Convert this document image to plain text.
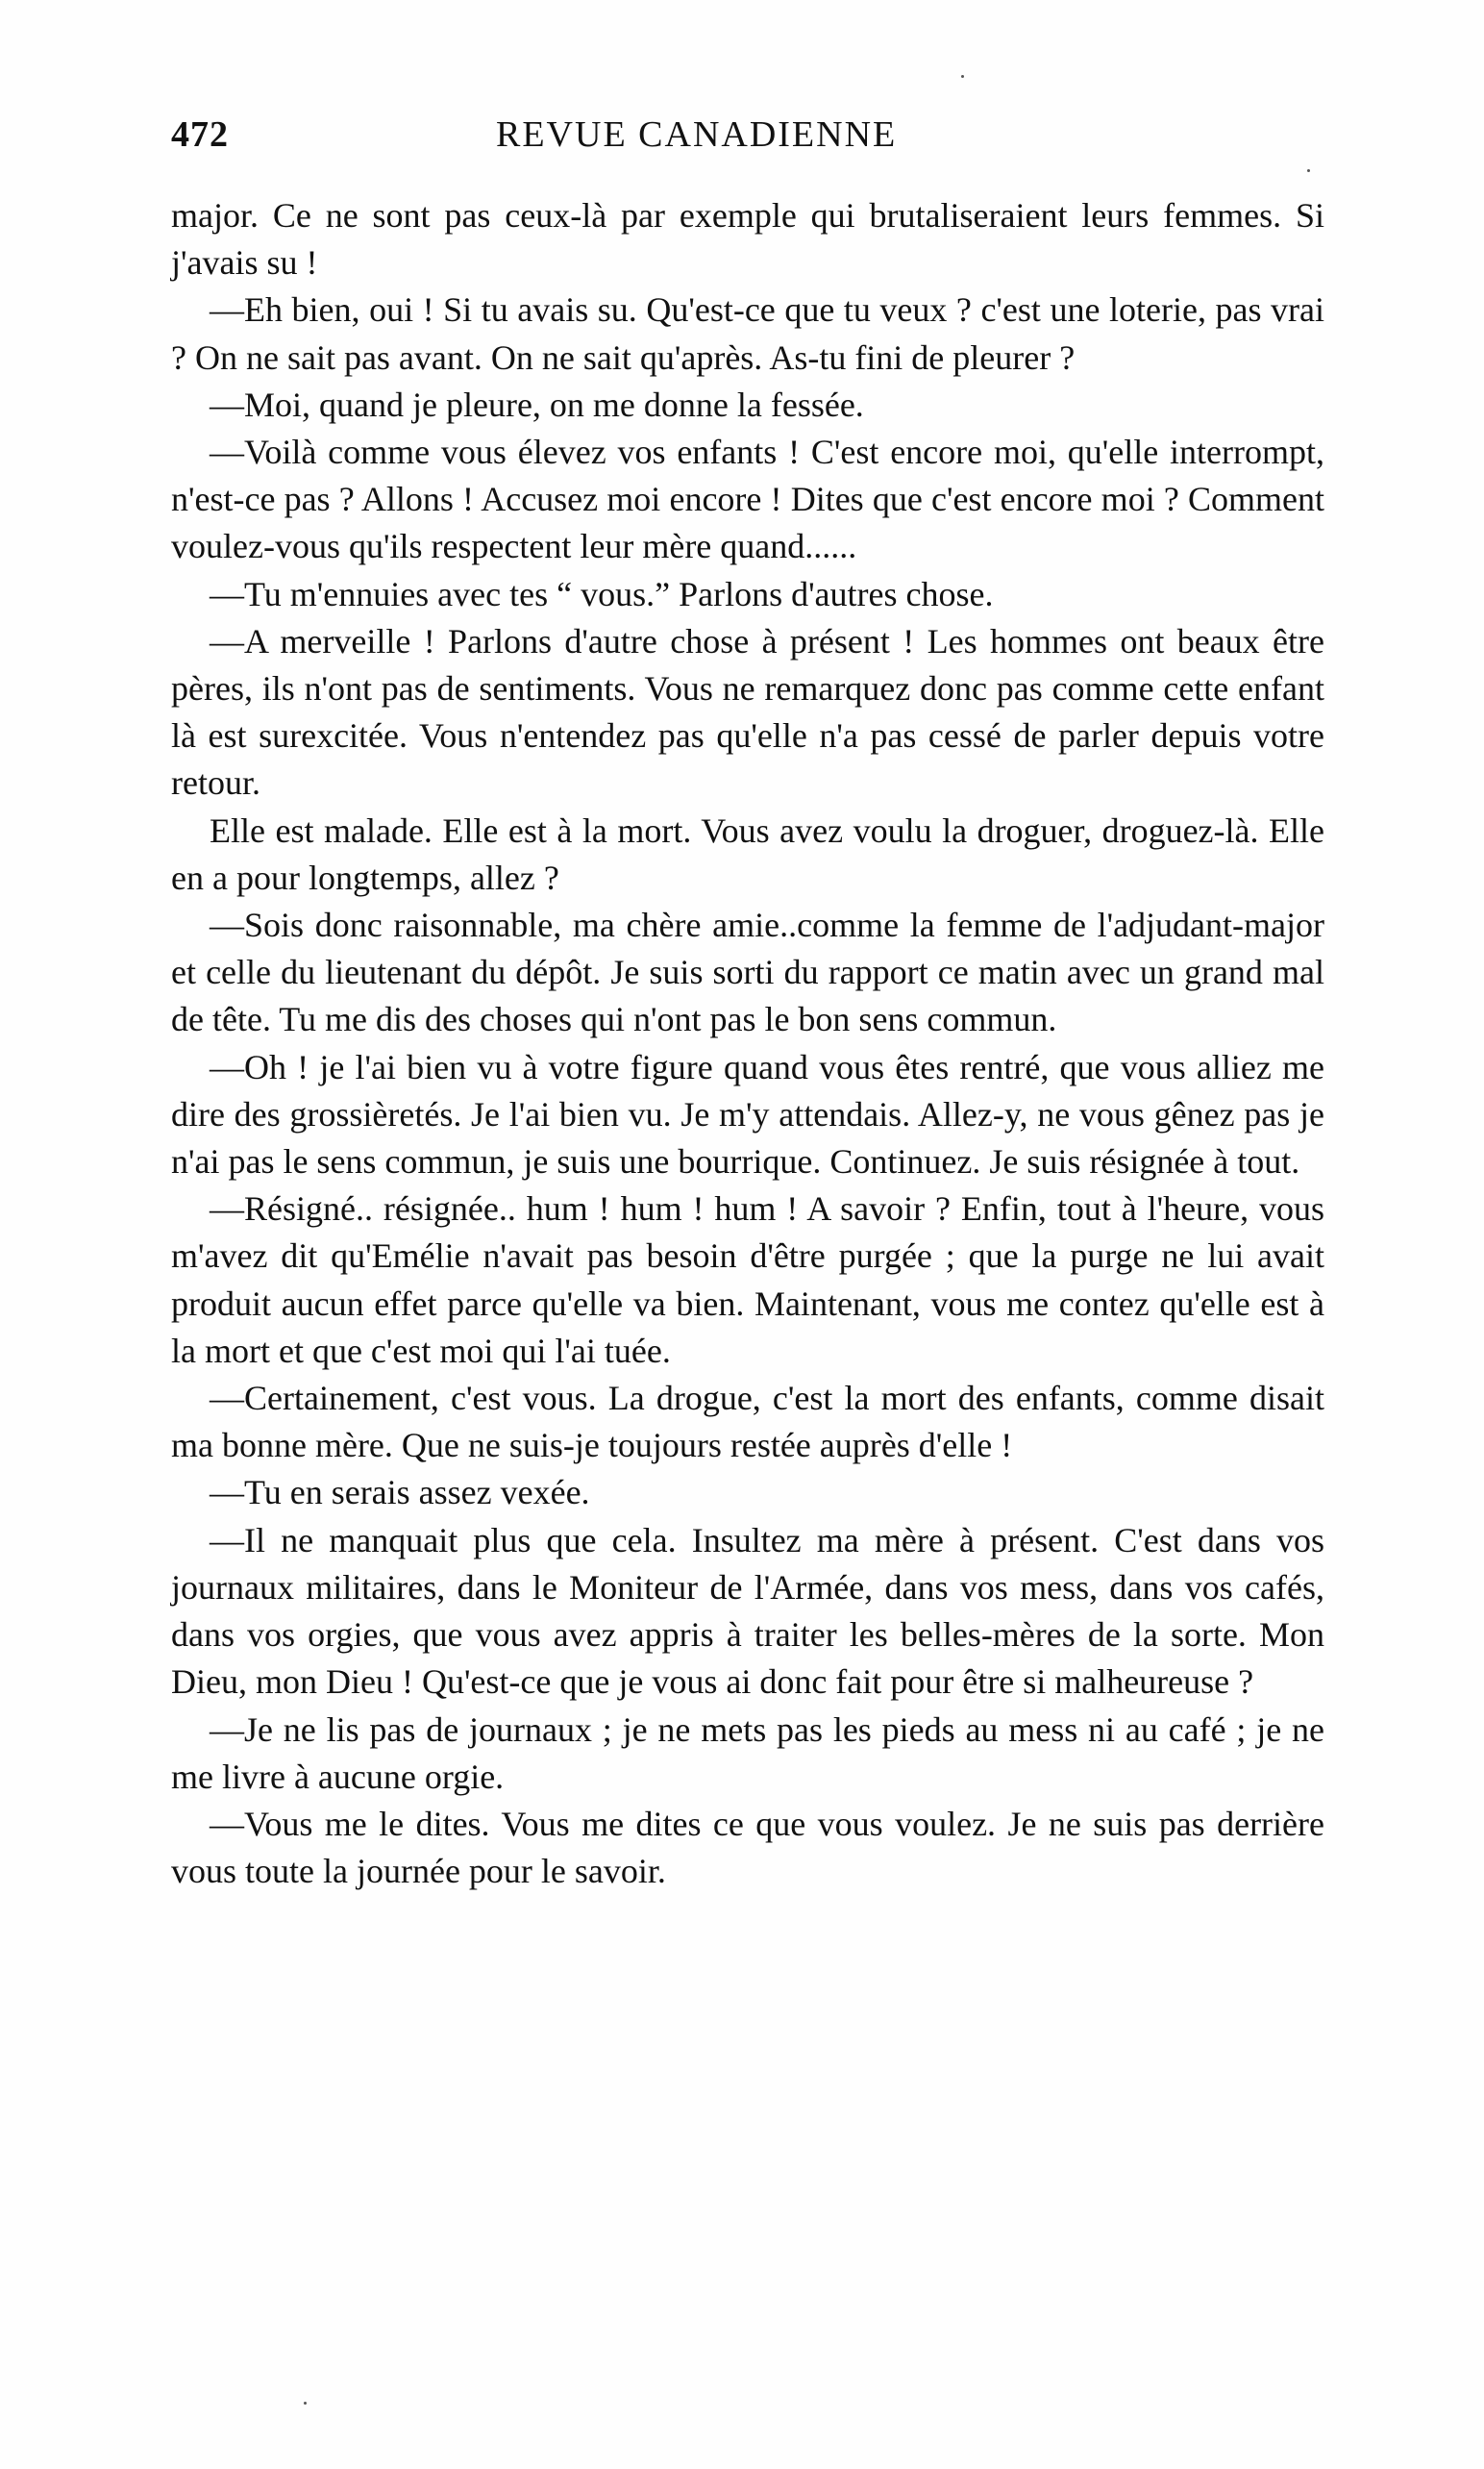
472	REVUE CANADIENNE

major. Ce ne sont pas ceux-là par exemple qui brutaliseraient leurs femmes. Si j'avais su !

—Eh bien, oui ! Si tu avais su. Qu'est-ce que tu veux ? c'est une loterie, pas vrai ? On ne sait pas avant. On ne sait qu'après. As-tu fini de pleurer ?

—Moi, quand je pleure, on me donne la fessée.

—Voilà comme vous élevez vos enfants ! C'est encore moi, qu'elle interrompt, n'est-ce pas ? Allons ! Accusez moi encore ! Dites que c'est encore moi ? Comment voulez-vous qu'ils respectent leur mère quand......

—Tu m'ennuies avec tes “ vous.” Parlons d'autres chose.

—A merveille ! Parlons d'autre chose à présent ! Les hommes ont beaux être pères, ils n'ont pas de sentiments. Vous ne remarquez donc pas comme cette enfant là est surexcitée. Vous n'entendez pas qu'elle n'a pas cessé de parler depuis votre retour.

Elle est malade. Elle est à la mort. Vous avez voulu la droguer, droguez-là. Elle en a pour longtemps, allez ?

—Sois donc raisonnable, ma chère amie..comme la femme de l'adjudant-major et celle du lieutenant du dépôt. Je suis sorti du rapport ce matin avec un grand mal de tête. Tu me dis des choses qui n'ont pas le bon sens commun.

—Oh ! je l'ai bien vu à votre figure quand vous êtes rentré, que vous alliez me dire des grossièretés. Je l'ai bien vu. Je m'y attendais. Allez-y, ne vous gênez pas je n'ai pas le sens commun, je suis une bourrique. Continuez. Je suis résignée à tout.

—Résigné.. résignée.. hum ! hum ! hum ! A savoir ? Enfin, tout à l'heure, vous m'avez dit qu'Emélie n'avait pas besoin d'être purgée ; que la purge ne lui avait produit aucun effet parce qu'elle va bien. Maintenant, vous me contez qu'elle est à la mort et que c'est moi qui l'ai tuée.

—Certainement, c'est vous. La drogue, c'est la mort des enfants, comme disait ma bonne mère. Que ne suis-je toujours restée auprès d'elle !

—Tu en serais assez vexée.

—Il ne manquait plus que cela. Insultez ma mère à présent. C'est dans vos journaux militaires, dans le Moniteur de l'Armée, dans vos mess, dans vos cafés, dans vos orgies, que vous avez appris à traiter les belles-mères de la sorte. Mon Dieu, mon Dieu ! Qu'est-ce que je vous ai donc fait pour être si malheureuse ?

—Je ne lis pas de journaux ; je ne mets pas les pieds au mess ni au café ; je ne me livre à aucune orgie.

—Vous me le dites. Vous me dites ce que vous voulez. Je ne suis pas derrière vous toute la journée pour le savoir.
